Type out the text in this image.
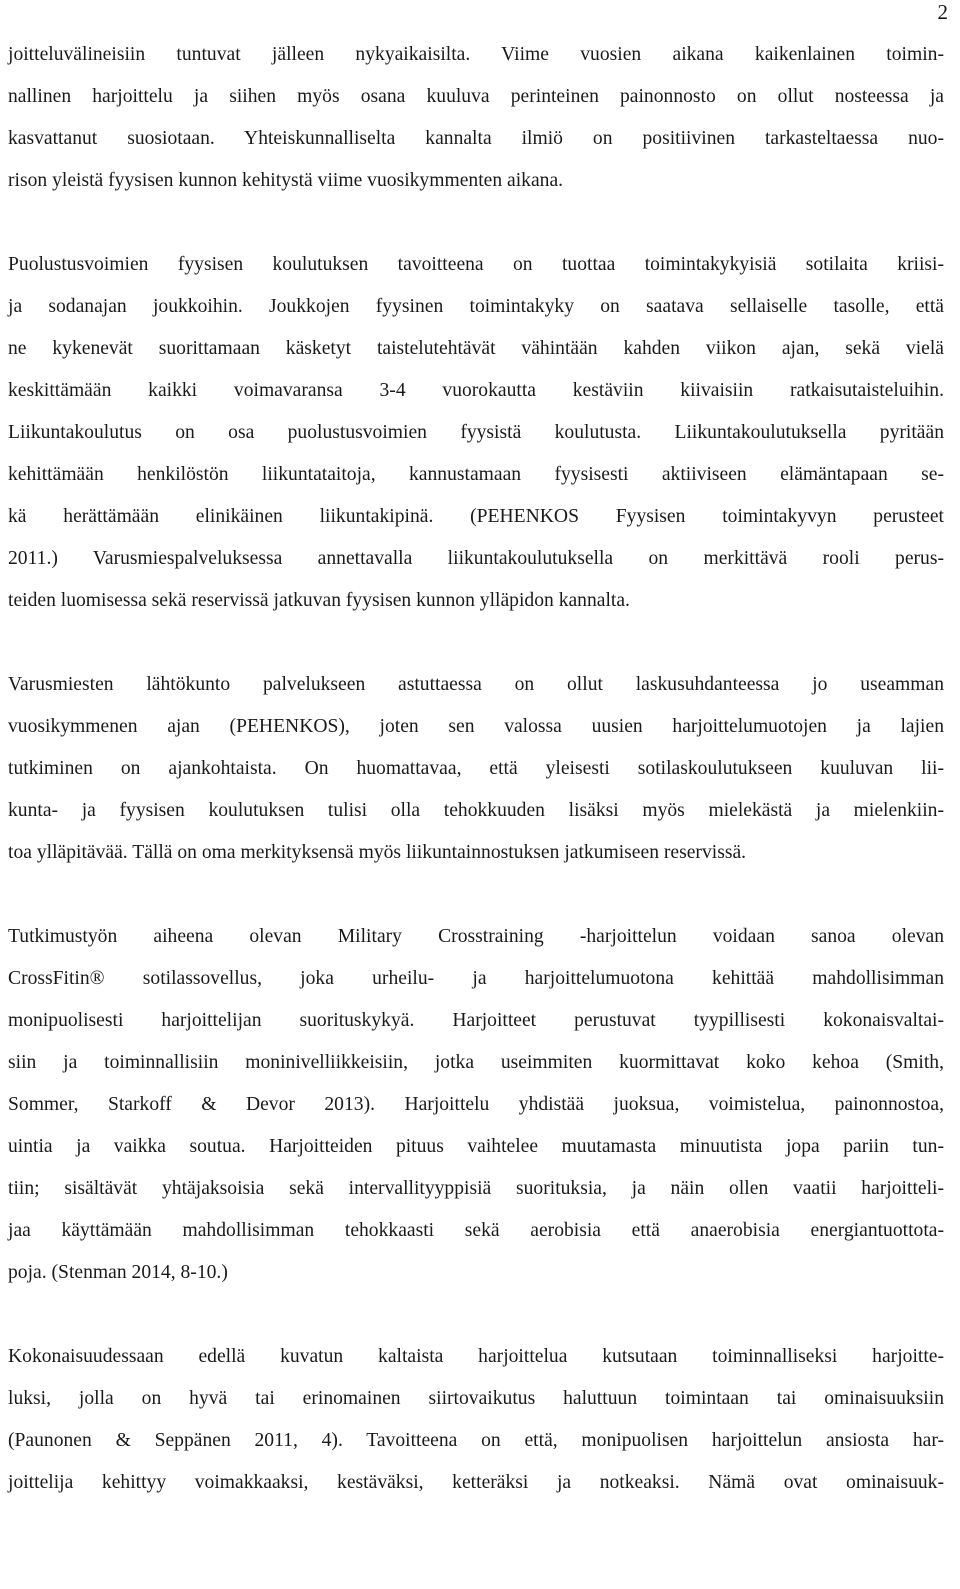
2
joitteluvälineisiin tuntuvat jälleen nykyaikaisilta. Viime vuosien aikana kaikenlainen toimin-
nallinen harjoittelu ja siihen myös osana kuuluva perinteinen painonnosto on ollut nosteessa ja
kasvattanut suosiotaan. Yhteiskunnalliselta kannalta ilmiö on positiivinen tarkasteltaessa nuo-
rison yleistä fyysisen kunnon kehitystä viime vuosikymmenten aikana.
Puolustusvoimien fyysisen koulutuksen tavoitteena on tuottaa toimintakykyisiä sotilaita kriisi-
ja sodanajan joukkoihin. Joukkojen fyysinen toimintakyky on saatava sellaiselle tasolle, että
ne kykenevät suorittamaan käsketyt taistelutehtävät vähintään kahden viikon ajan, sekä vielä
keskittämään kaikki voimavaransa 3-4 vuorokautta kestäviin kiivaisiin ratkaisutaisteluihin.
Liikuntakoulutus on osa puolustusvoimien fyysistä koulutusta. Liikuntakoulutuksella pyritään
kehittämään henkilöstön liikuntataitoja, kannustamaan fyysisesti aktiiviseen elämäntapaan se-
kä herättämään elinikäinen liikuntakipinä. (PEHENKOS Fyysisen toimintakyvyn perusteet
2011.) Varusmiespalveluksessa annettavalla liikuntakoulutuksella on merkittävä rooli perus-
teiden luomisessa sekä reservissä jatkuvan fyysisen kunnon ylläpidon kannalta.
Varusmiesten lähtökunto palvelukseen astuttaessa on ollut laskusuhdanteessa jo useamman
vuosikymmenen ajan (PEHENKOS), joten sen valossa uusien harjoittelumuotojen ja lajien
tutkiminen on ajankohtaista. On huomattavaa, että yleisesti sotilaskoulutukseen kuuluvan lii-
kunta- ja fyysisen koulutuksen tulisi olla tehokkuuden lisäksi myös mielekästä ja mielenkiin-
toa ylläpitävää. Tällä on oma merkityksensä myös liikuntainnostuksen jatkumiseen reservissä.
Tutkimustyön aiheena olevan Military Crosstraining -harjoittelun voidaan sanoa olevan
CrossFitin® sotilassovellus, joka urheilu- ja harjoittelumuotona kehittää mahdollisimman
monipuolisesti harjoittelijan suorituskykyä. Harjoitteet perustuvat tyypillisesti kokonaisvaltai-
siin ja toiminnallisiin moninivelliikkeisiin, jotka useimmiten kuormittavat koko kehoa (Smith,
Sommer, Starkoff & Devor 2013). Harjoittelu yhdistää juoksua, voimistelua, painonnostoa,
uintia ja vaikka soutua. Harjoitteiden pituus vaihtelee muutamasta minuutista jopa pariin tun-
tiin; sisältävät yhtäjaksoisia sekä intervallityyppisiä suorituksia, ja näin ollen vaatii harjoitteli-
jaa käyttämään mahdollisimman tehokkaasti sekä aerobisia että anaerobisia energiantuottota-
poja. (Stenman 2014, 8-10.)
Kokonaisuudessaan edellä kuvatun kaltaista harjoittelua kutsutaan toiminnalliseksi harjoitte-
luksi, jolla on hyvä tai erinomainen siirtovaikutus haluttuun toimintaan tai ominaisuuksiin
(Paunonen & Seppänen 2011, 4). Tavoitteena on että, monipuolisen harjoittelun ansiosta har-
joittelija kehittyy voimakkaaksi, kestäväksi, ketteräksi ja notkeaksi. Nämä ovat ominaisuuk-
